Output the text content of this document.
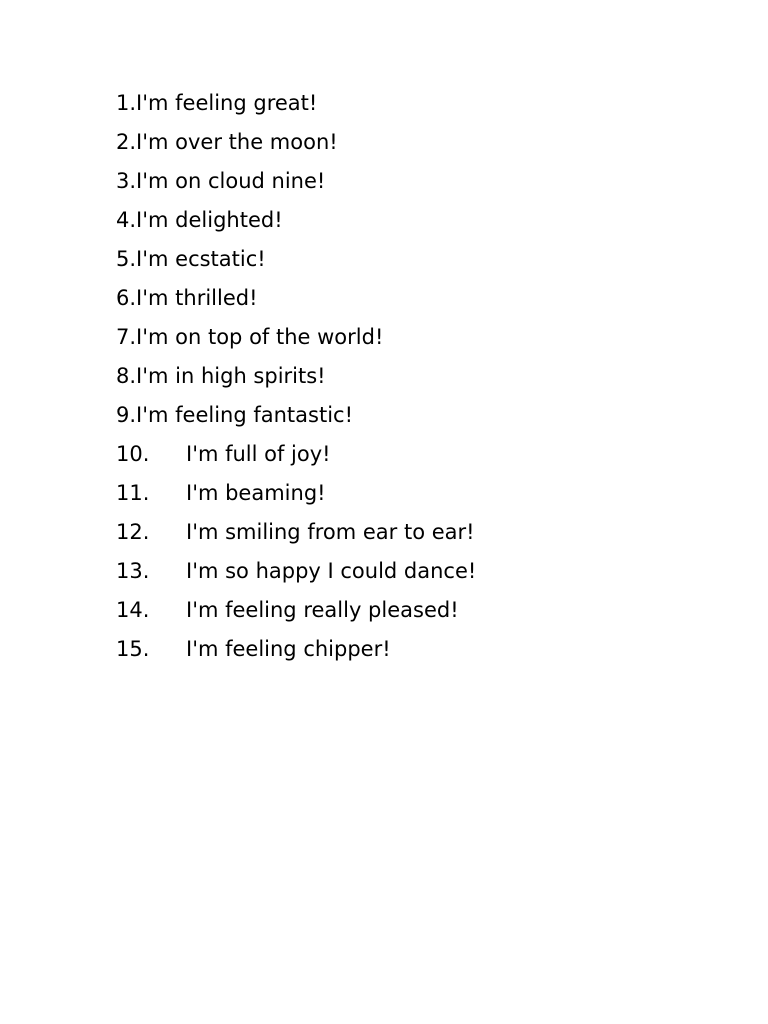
1. I'm feeling great!
2. I'm over the moon!
3. I'm on cloud nine!
4. I'm delighted!
5. I'm ecstatic!
6. I'm thrilled!
7. I'm on top of the world!
8. I'm in high spirits!
9. I'm feeling fantastic!
10.	I'm full of joy!
11.	I'm beaming!
12.	I'm smiling from ear to ear!
13.	I'm so happy I could dance!
14.	I'm feeling really pleased!
15.	I'm feeling chipper!
